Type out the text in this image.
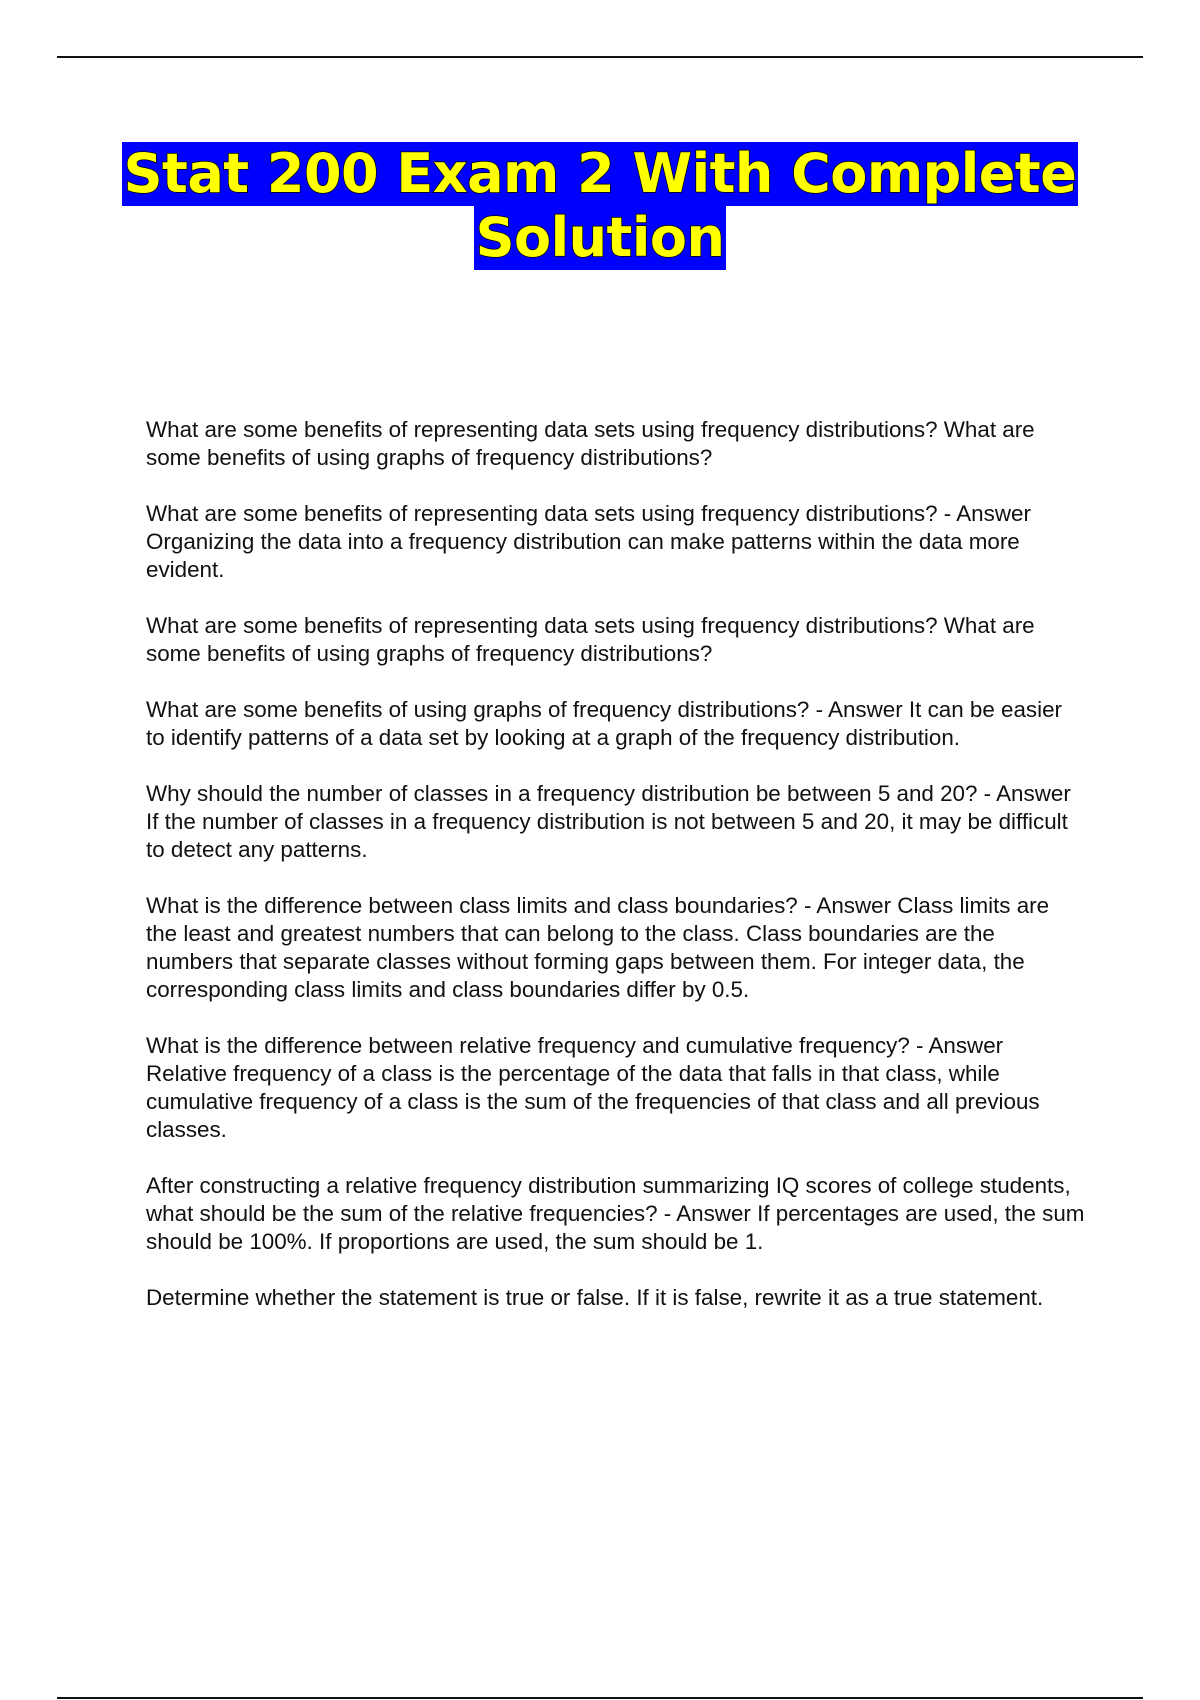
Stat 200 Exam 2 With Complete
Solution

What are some benefits of representing data sets using frequency distributions? What are some benefits of using graphs of frequency distributions?

What are some benefits of representing data sets using frequency distributions? - Answer Organizing the data into a frequency distribution can make patterns within the data more evident.

What are some benefits of representing data sets using frequency distributions? What are some benefits of using graphs of frequency distributions?

What are some benefits of using graphs of frequency distributions? - Answer It can be easier to identify patterns of a data set by looking at a graph of the frequency distribution.

Why should the number of classes in a frequency distribution be between 5 and 20? - Answer If the number of classes in a frequency distribution is not between 5 and 20, it may be difficult to detect any patterns.

What is the difference between class limits and class boundaries? - Answer Class limits are the least and greatest numbers that can belong to the class. Class boundaries are the numbers that separate classes without forming gaps between them. For integer data, the corresponding class limits and class boundaries differ by 0.5.

What is the difference between relative frequency and cumulative frequency? - Answer Relative frequency of a class is the percentage of the data that falls in that class, while cumulative frequency of a class is the sum of the frequencies of that class and all previous classes.

After constructing a relative frequency distribution summarizing IQ scores of college students, what should be the sum of the relative frequencies? - Answer If percentages are used, the sum should be 100%. If proportions are used, the sum should be 1.

Determine whether the statement is true or false. If it is false, rewrite it as a true statement.
